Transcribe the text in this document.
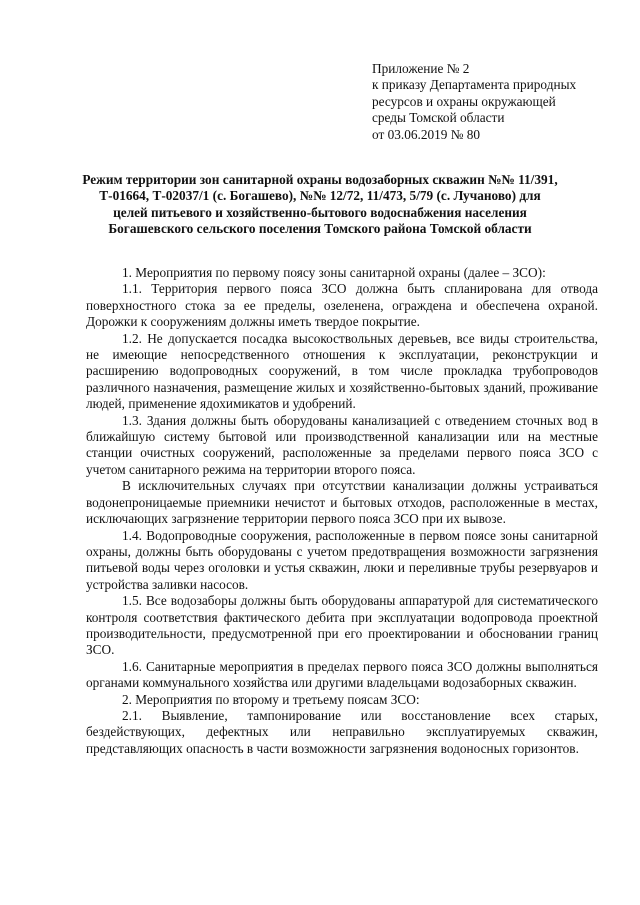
Приложение № 2
к приказу Департамента природных
ресурсов и охраны окружающей
среды Томской области
от 03.06.2019 № 80
Режим территории зон санитарной охраны водозаборных скважин №№ 11/391,
Т-01664, Т-02037/1 (с. Богашево), №№ 12/72, 11/473, 5/79 (с. Лучаново) для
целей питьевого и хозяйственно-бытового водоснабжения населения
Богашевского сельского поселения Томского района Томской области

1. Мероприятия по первому поясу зоны санитарной охраны (далее – ЗСО):

1.1. Территория первого пояса ЗСО должна быть спланирована для отвода поверхностного стока за ее пределы, озеленена, ограждена и обеспечена охраной. Дорожки к сооружениям должны иметь твердое покрытие.

1.2. Не допускается посадка высокоствольных деревьев, все виды строительства, не имеющие непосредственного отношения к эксплуатации, реконструкции и расширению водопроводных сооружений, в том числе прокладка трубопроводов различного назначения, размещение жилых и хозяйственно-бытовых зданий, проживание людей, применение ядохимикатов и удобрений.

1.3. Здания должны быть оборудованы канализацией с отведением сточных вод в ближайшую систему бытовой или производственной канализации или на местные станции очистных сооружений, расположенные за пределами первого пояса ЗСО с учетом санитарного режима на территории второго пояса.

В исключительных случаях при отсутствии канализации должны устраиваться водонепроницаемые приемники нечистот и бытовых отходов, расположенные в местах, исключающих загрязнение территории первого пояса ЗСО при их вывозе.

1.4. Водопроводные сооружения, расположенные в первом поясе зоны санитарной охраны, должны быть оборудованы с учетом предотвращения возможности загрязнения питьевой воды через оголовки и устья скважин, люки и переливные трубы резервуаров и устройства заливки насосов.

1.5. Все водозаборы должны быть оборудованы аппаратурой для систематического контроля соответствия фактического дебита при эксплуатации водопровода проектной производительности, предусмотренной при его проектировании и обосновании границ ЗСО.

1.6. Санитарные мероприятия в пределах первого пояса ЗСО должны выполняться органами коммунального хозяйства или другими владельцами водозаборных скважин.

2. Мероприятия по второму и третьему поясам ЗСО:

2.1. Выявление, тампонирование или восстановление всех старых, бездействующих, дефектных или неправильно эксплуатируемых скважин, представляющих опасность в части возможности загрязнения водоносных горизонтов.
